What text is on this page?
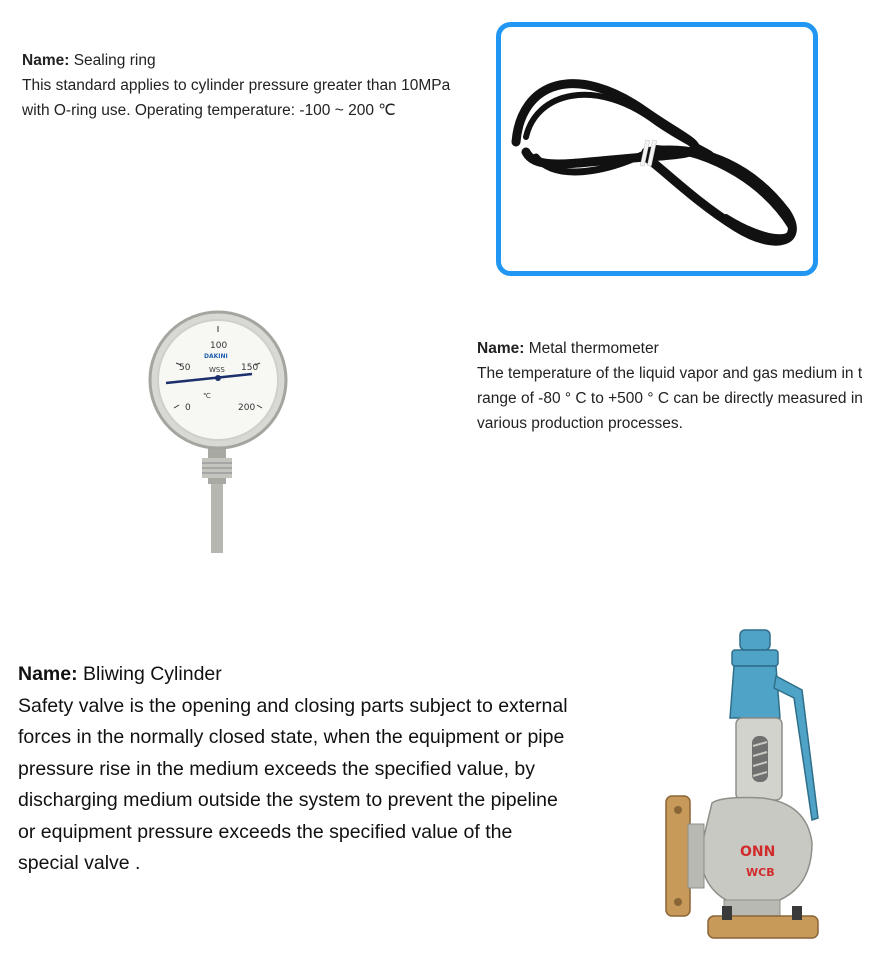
Name: Sealing ring
This standard applies to cylinder pressure greater than 10MPa with O-ring use. Operating temperature: -100 ~ 200 ℃
0
50
100
150
200
DAKINI
WSS
℃
Name: Metal thermometer
The temperature of the liquid vapor and gas medium in t
range of -80 ° C to +500 ° C can be directly measured in
various production processes.
Name: Bliwing Cylinder
Safety valve is the opening and closing parts subject to external forces in the normally closed state, when the equipment or pipe pressure rise in the medium exceeds the specified value, by discharging medium outside the system to prevent the pipeline or equipment pressure exceeds the specified value of the special valve .	ONN
WCB
